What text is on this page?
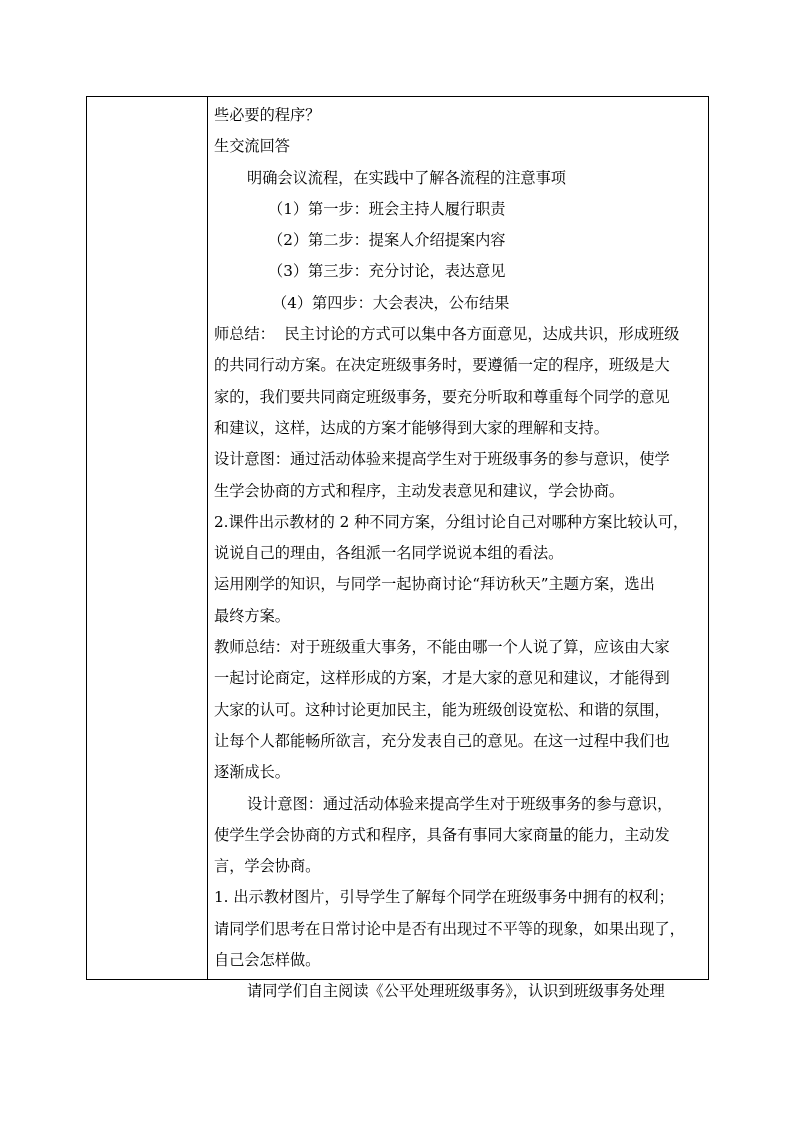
些必要的程序？
生交流回答
明确会议流程，在实践中了解各流程的注意事项
（1）第一步：班会主持人履行职责
（2）第二步：提案人介绍提案内容
（3）第三步：充分讨论，表达意见
（4）第四步：大会表决，公布结果
师总结：  民主讨论的方式可以集中各方面意见，达成共识，形成班级
的共同行动方案。在决定班级事务时，要遵循一定的程序，班级是大
家的，我们要共同商定班级事务，要充分听取和尊重每个同学的意见
和建议，这样，达成的方案才能够得到大家的理解和支持。
设计意图：通过活动体验来提高学生对于班级事务的参与意识，使学
生学会协商的方式和程序，主动发表意见和建议，学会协商。
2.课件出示教材的 2 种不同方案，分组讨论自己对哪种方案比较认可，
说说自己的理由，各组派一名同学说说本组的看法。
运用刚学的知识，与同学一起协商讨论“拜访秋天”主题方案，选出
最终方案。
教师总结：对于班级重大事务，不能由哪一个人说了算，应该由大家
一起讨论商定，这样形成的方案，才是大家的意见和建议，才能得到
大家的认可。这种讨论更加民主，能为班级创设宽松、和谐的氛围，
让每个人都能畅所欲言，充分发表自己的意见。在这一过程中我们也
逐渐成长。
设计意图：通过活动体验来提高学生对于班级事务的参与意识，
使学生学会协商的方式和程序，具备有事同大家商量的能力，主动发
言，学会协商。
1. 出示教材图片，引导学生了解每个同学在班级事务中拥有的权利；
请同学们思考在日常讨论中是否有出现过不平等的现象，如果出现了，
自己会怎样做。
请同学们自主阅读《公平处理班级事务》，认识到班级事务处理
